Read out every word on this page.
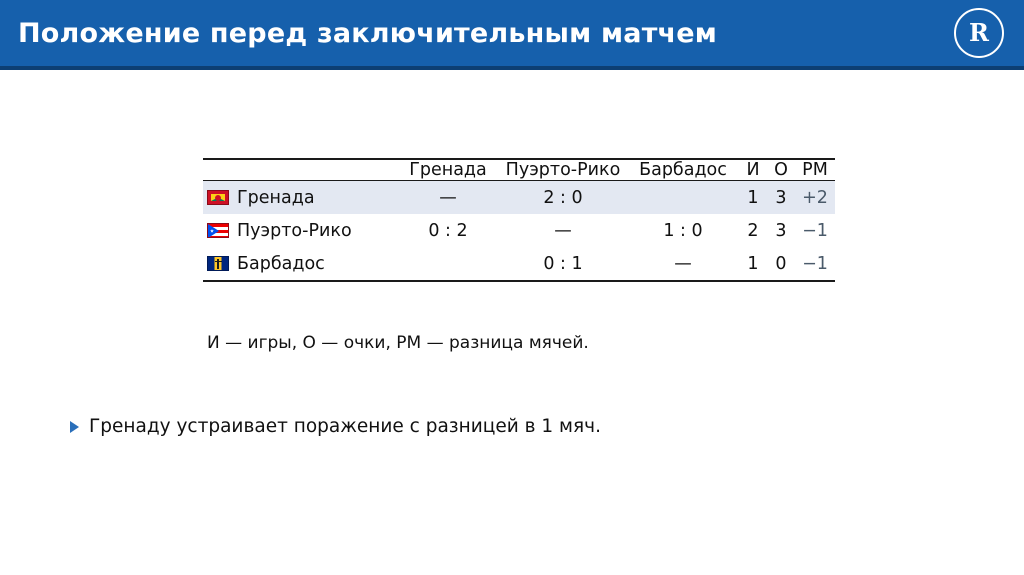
Положение перед заключительным матчем	R
	Гренада	Пуэрто-Рико	Барбадос	И	О	РМ

Гренада	—	2 : 0		1	3	+2

Пуэрто-Рико	0 : 2	—	1 : 0	2	3	−1

Барбадос		0 : 1	—	1	0	−1
И — игры, О — очки, РМ — разница мячей.
Гренаду устраивает поражение с разницей в 1 мяч.
